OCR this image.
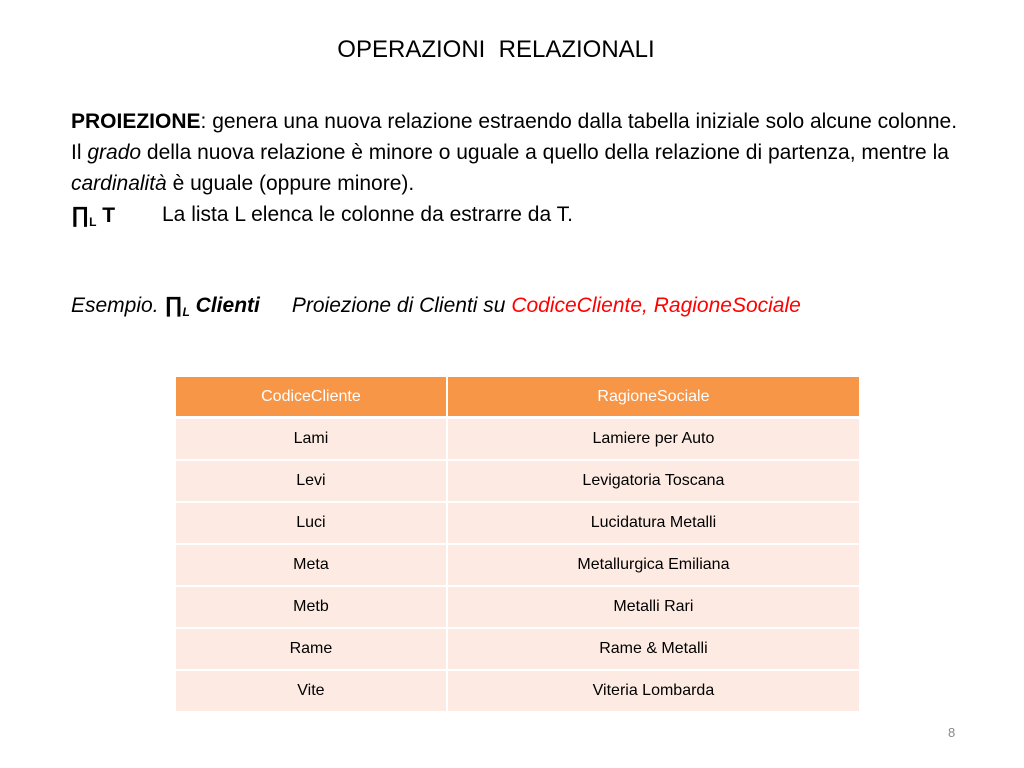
OPERAZIONI  RELAZIONALI

PROIEZIONE: genera una nuova relazione estraendo dalla tabella iniziale solo alcune colonne.

Il grado della nuova relazione è minore o uguale a quello della relazione di partenza, mentre la cardinalità è uguale (oppure minore).

∏L T La lista L elenca le colonne da estrarre da T.
Esempio. ∏L Clienti Proiezione di Clienti su CodiceCliente, RagioneSociale
CodiceCliente	RagioneSociale
Lami	Lamiere per Auto
Levi	Levigatoria Toscana
Luci	Lucidatura Metalli
Meta	Metallurgica Emiliana
Metb	Metalli Rari
Rame	Rame & Metalli
Vite	Viteria Lombarda
8
